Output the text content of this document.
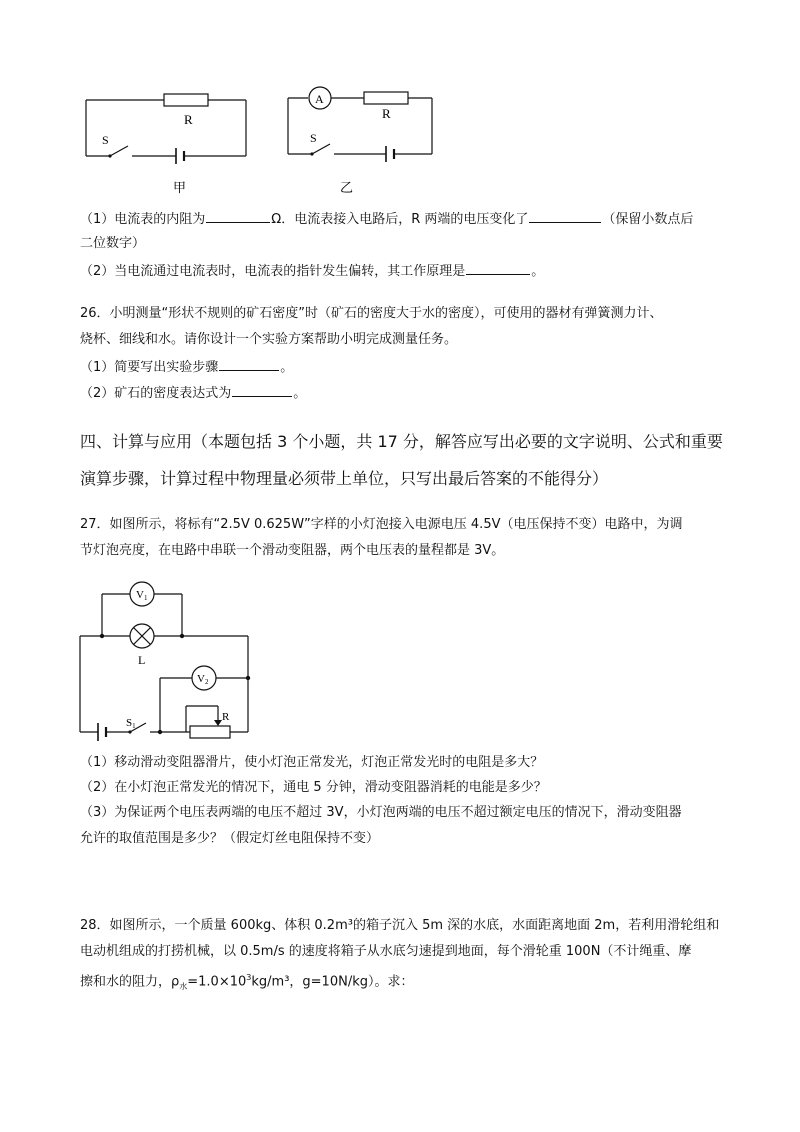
R
S
甲
A
R
S
乙
（1）电流表的内阻为	Ω．电流表接入电路后，R 两端的电压变化了	（保留小数点后
二位数字）
（2）当电流通过电流表时，电流表的指针发生偏转，其工作原理是	。
26．小明测量“形状不规则的矿石密度”时（矿石的密度大于水的密度），可使用的器材有弹簧测力计、
烧杯、细线和水。请你设计一个实验方案帮助小明完成测量任务。
（1）简要写出实验步骤	。
（2）矿石的密度表达式为	。
四、计算与应用（本题包括 3 个小题，共 17 分，解答应写出必要的文字说明、公式和重要
演算步骤，计算过程中物理量必须带上单位，只写出最后答案的不能得分）
27．如图所示，将标有“2.5V 0.625W”字样的小灯泡接入电源电压 4.5V（电压保持不变）电路中，为调
节灯泡亮度，在电路中串联一个滑动变阻器，两个电压表的量程都是 3V。
V1
L
V2
S1
R
（1）移动滑动变阻器滑片，使小灯泡正常发光，灯泡正常发光时的电阻是多大？
（2）在小灯泡正常发光的情况下，通电 5 分钟，滑动变阻器消耗的电能是多少？
（3）为保证两个电压表两端的电压不超过 3V，小灯泡两端的电压不超过额定电压的情况下，滑动变阻器
允许的取值范围是多少？（假定灯丝电阻保持不变）
28．如图所示，一个质量 600kg、体积 0.2m³的箱子沉入 5m 深的水底，水面距离地面 2m，若利用滑轮组和
电动机组成的打捞机械，以 0.5m/s 的速度将箱子从水底匀速提到地面，每个滑轮重 100N（不计绳重、摩
擦和水的阻力，$\rho_水=1.0\times 10^3kg/m^3$，g=10N/kg）。求：
